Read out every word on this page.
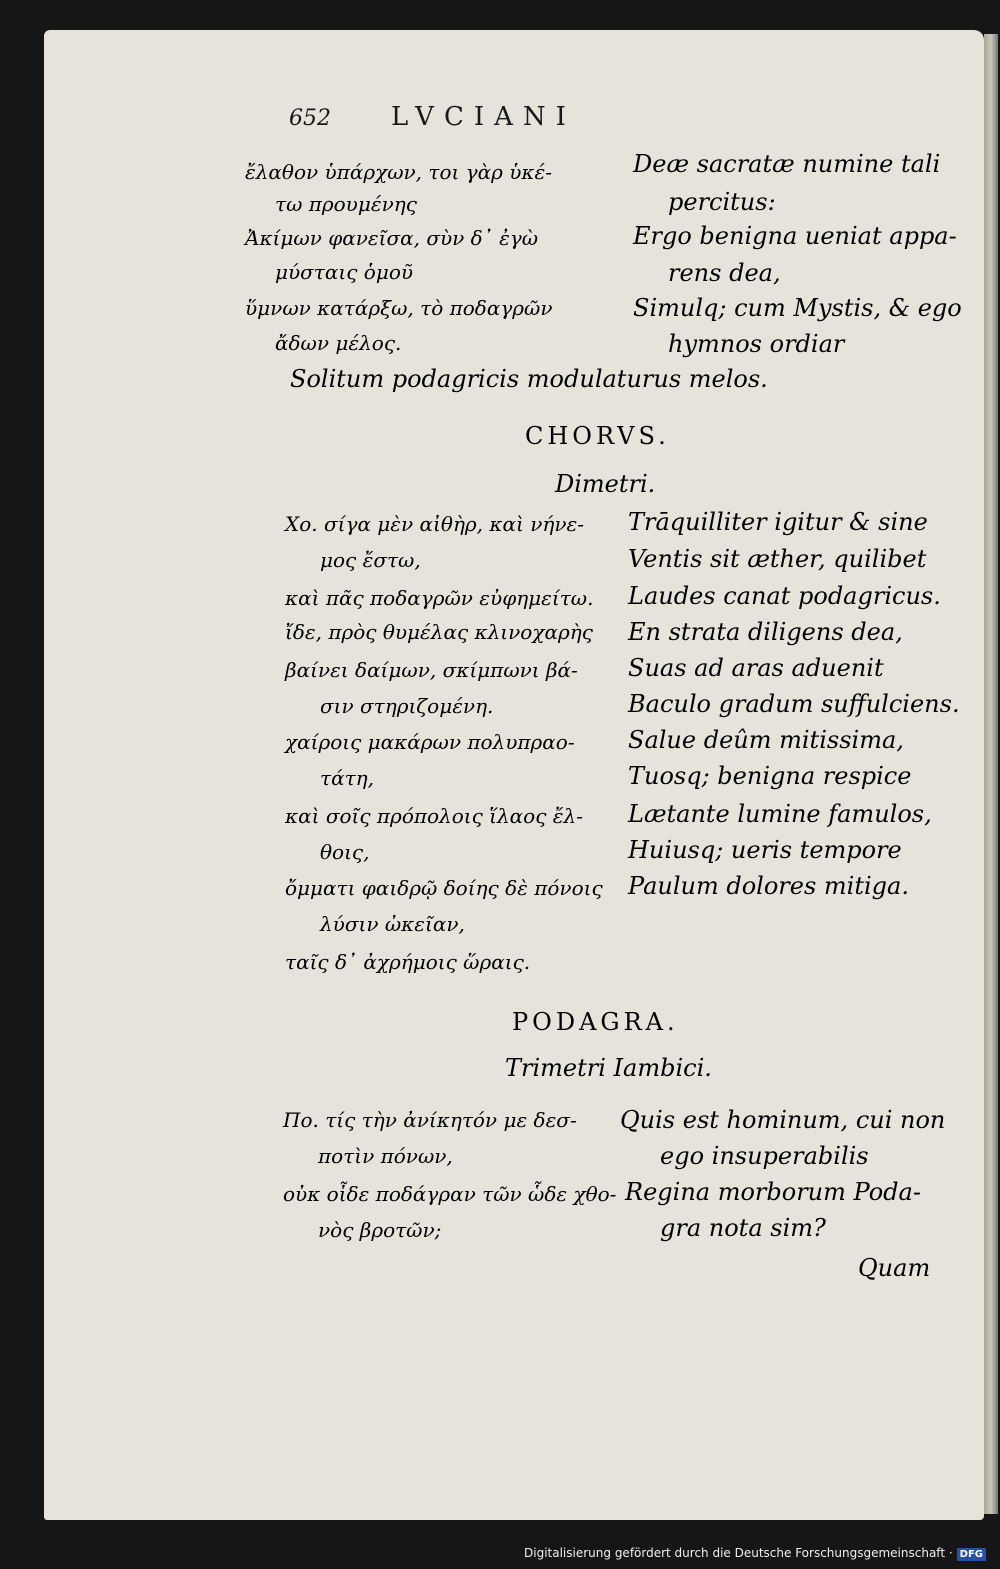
652 LVCIANI
ἔλαθον ὑπάρχων, τοι γὰρ ὑκέ-
τω προυμένης
Ἀκίμων φανεῖσα, σὺν δ᾽ ἐγὼ
μύσταις ὁμοῦ
ὕμνων κατάρξω, τὸ ποδαγρῶν
ἄδων μέλος.
Deæ sacratæ numine tali
percitus:
Ergo benigna ueniat appa-
rens dea,
Simulq; cum Mystis, & ego
hymnos ordiar
Solitum podagricis modulaturus melos.
CHORVS.
Dimetri.
Χο. σίγα μὲν αἰθὴρ, καὶ νήνε-
μος ἔστω,
καὶ πᾶς ποδαγρῶν εὐφημείτω.
ἴδε, πρὸς θυμέλας κλινοχαρὴς
βαίνει δαίμων, σκίμπωνι βά-
σιν στηριζομένη.
χαίροις μακάρων πολυπραο-
τάτη,
καὶ σοῖς πρόπολοις ἵλαος ἔλ-
θοις,
ὄμματι φαιδρῷ δοίης δὲ πόνοις
λύσιν ὠκεῖαν,
ταῖς δ᾽ ἀχρήμοις ὥραις.
Trāquilliter igitur & sine
Ventis sit æther, quilibet
Laudes canat podagricus.
En strata diligens dea,
Suas ad aras aduenit
Baculo gradum suffulciens.
Salue deûm mitissima,
Tuosq; benigna respice
Lætante lumine famulos,
Huiusq; ueris tempore
Paulum dolores mitiga.
PODAGRA.
Trimetri Iambici.
Πο. τίς τὴν ἀνίκητόν με δεσ-
ποτὶν πόνων,
οὐκ οἶδε ποδάγραν τῶν ὧδε χθο-
νὸς βροτῶν;
Quis est hominum, cui non
ego insuperabilis
Regina morborum Poda-
gra nota sim?
Quam
Digitalisierung gefördert durch die Deutsche Forschungsgemeinschaft · DFG
